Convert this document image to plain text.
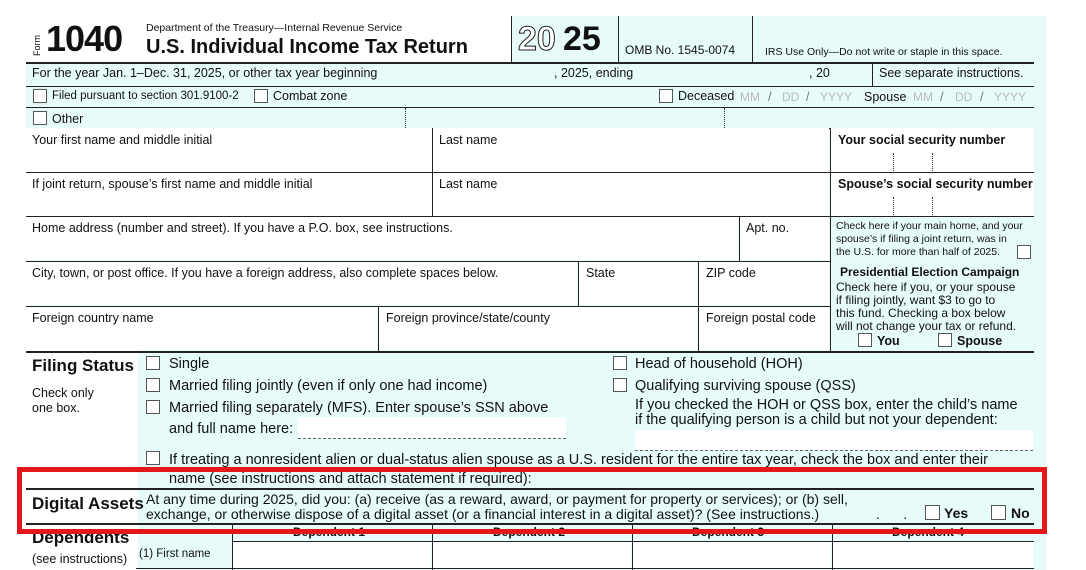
Form 1040 Department of the Treasury—Internal Revenue Service
U.S. Individual Income Tax Return 20 25 OMB No. 1545-0074	IRS Use Only—Do not write or staple in this space.
For the year Jan. 1–Dec. 31, 2025, or other tax year beginning	, 2025, ending	, 20	See separate instructions.
Filed pursuant to section 301.9100-2	Combat zone	Deceased MM / DD / YYYY Spouse MM / DD / YYYY
Other
Your first name and middle initial	Last name	Your social security number
If joint return, spouse’s first name and middle initial	Last name	Spouse’s social security number
Home address (number and street). If you have a P.O. box, see instructions.	Apt. no.	Check here if your main home, and your
spouse’s if filing a joint return, was in
the U.S. for more than half of 2025.
City, town, or post office. If you have a foreign address, also complete spaces below.	State	ZIP code
Foreign country name	Foreign province/state/county	Foreign postal code
Presidential Election Campaign
Check here if you, or your spouse
if filing jointly, want $3 to go to
this fund. Checking a box below
will not change your tax or refund.
You	Spouse
Filing Status
Check only
one box.
Single
Married filing jointly (even if only one had income)
Married filing separately (MFS). Enter spouse’s SSN above
and full name here:
Head of household (HOH)
Qualifying surviving spouse (QSS)
If you checked the HOH or QSS box, enter the child’s name
if the qualifying person is a child but not your dependent:
If treating a nonresident alien or dual-status alien spouse as a U.S. resident for the entire tax year, check the box and enter their
name (see instructions and attach statement if required):
Digital Assets At any time during 2025, did you: (a) receive (as a reward, award, or payment for property or services); or (b) sell,
exchange, or otherwise dispose of a digital asset (or a financial interest in a digital asset)? (See instructions.)	.      .	Yes	No
Dependents
(see instructions)
Dependent 1	Dependent 2	Dependent 3	Dependent 4
(1) First name
